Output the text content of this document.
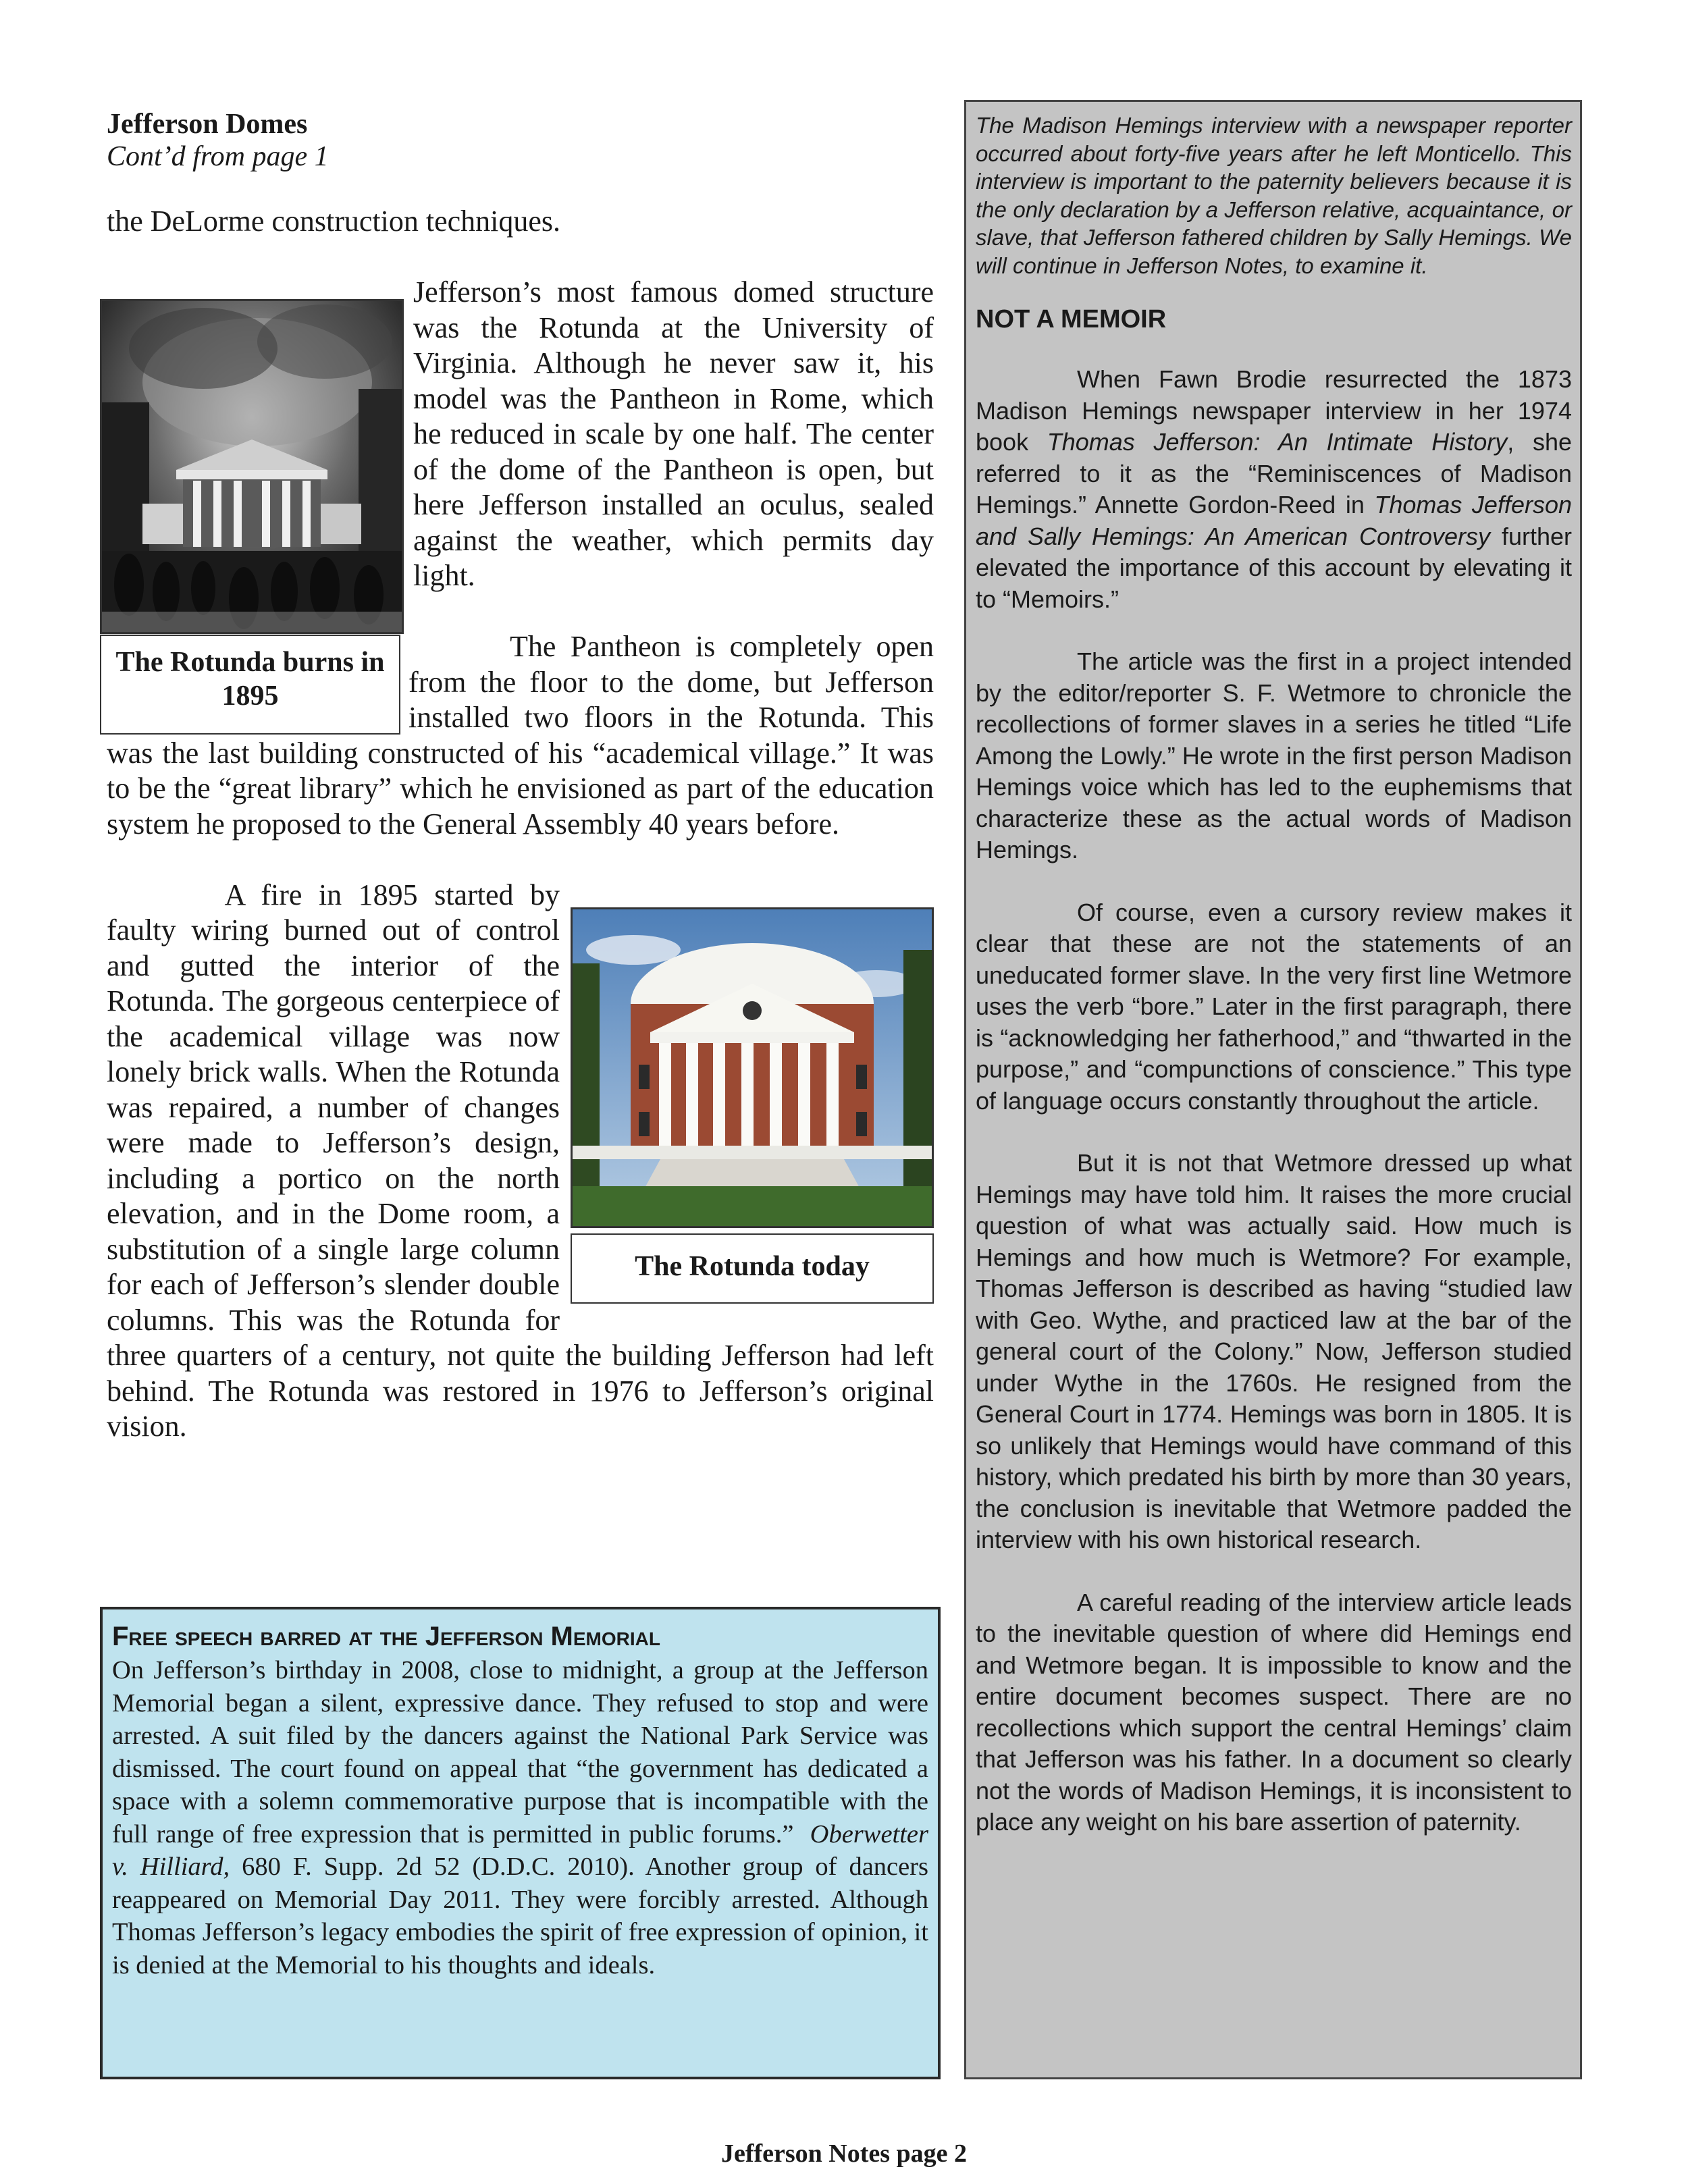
Jefferson Domes
Cont’d from page 1
the DeLorme construction techniques.
Jefferson’s most famous domed structure was the Rotunda at the University of Virginia. Although he never saw it, his model was the Pantheon in Rome, which he reduced in scale by one half. The center of the dome of the Pantheon is open, but here Jefferson installed an oculus, sealed against the weather, which permits day light.

The Rotunda burns in 1895
The Pantheon is completely open from the floor to the dome, but Jefferson installed two floors in the Rotunda. This was the last building constructed of his “academical village.” It was to be the “great library” which he envisioned as part of the education system he proposed to the General Assembly 40 years before.

The Rotunda today
A fire in 1895 started by faulty wiring burned out of control and gutted the interior of the Rotunda. The gorgeous centerpiece of the academical village was now lonely brick walls. When the Rotunda was repaired, a number of changes were made to Jefferson’s design, including a portico on the north elevation, and in the Dome room, a substitution of a single large column for each of Jefferson’s slender double columns. This was the Rotunda for three quarters of a century, not quite the building Jefferson had left behind. The Rotunda was restored in 1976 to Jefferson’s original vision.
Free speech barred at the Jefferson Memorial
On Jefferson’s birthday in 2008, close to midnight, a group at the Jefferson Memorial began a silent, expressive dance. They refused to stop and were arrested. A suit filed by the dancers against the National Park Service was dismissed. The court found on appeal that “the government has dedicated a space with a solemn commemorative purpose that is incompatible with the full range of free expression that is permitted in public forums.” Oberwetter v. Hilliard, 680 F. Supp. 2d 52 (D.D.C. 2010). Another group of dancers reappeared on Memorial Day 2011. They were forcibly arrested. Although Thomas Jefferson’s legacy embodies the spirit of free expression of opinion, it is denied at the Memorial to his thoughts and ideals.
The Madison Hemings interview with a newspaper reporter occurred about forty-five years after he left Monticello. This interview is important to the paternity believers because it is the only declaration by a Jefferson relative, acquaintance, or slave, that Jefferson fathered children by Sally Hemings. We will continue in Jefferson Notes, to examine it.
NOT A MEMOIR

When Fawn Brodie resurrected the 1873 Madison Hemings newspaper interview in her 1974 book Thomas Jefferson: An Intimate History, she referred to it as the “Reminiscences of Madison Hemings.” Annette Gordon-Reed in Thomas Jefferson and Sally Hemings: An American Controversy further elevated the importance of this account by elevating it to “Memoirs.”

The article was the first in a project intended by the editor/reporter S. F. Wetmore to chronicle the recollections of former slaves in a series he titled “Life Among the Lowly.” He wrote in the first person Madison Hemings voice which has led to the euphemisms that characterize these as the actual words of Madison Hemings.

Of course, even a cursory review makes it clear that these are not the statements of an uneducated former slave. In the very first line Wetmore uses the verb “bore.” Later in the first paragraph, there is “acknowledging her fatherhood,” and “thwarted in the purpose,” and “compunctions of conscience.” This type of language occurs constantly throughout the article.

But it is not that Wetmore dressed up what Hemings may have told him. It raises the more crucial question of what was actually said. How much is Hemings and how much is Wetmore? For example, Thomas Jefferson is described as having “studied law with Geo. Wythe, and practiced law at the bar of the general court of the Colony.” Now, Jefferson studied under Wythe in the 1760s. He resigned from the General Court in 1774. Hemings was born in 1805. It is so unlikely that Hemings would have command of this history, which predated his birth by more than 30 years, the conclusion is inevitable that Wetmore padded the interview with his own historical research.

A careful reading of the interview article leads to the inevitable question of where did Hemings end and Wetmore began. It is impossible to know and the entire document becomes suspect. There are no recollections which support the central Hemings’ claim that Jefferson was his father. In a document so clearly not the words of Madison Hemings, it is inconsistent to place any weight on his bare assertion of paternity.

Jefferson Notes page 2
